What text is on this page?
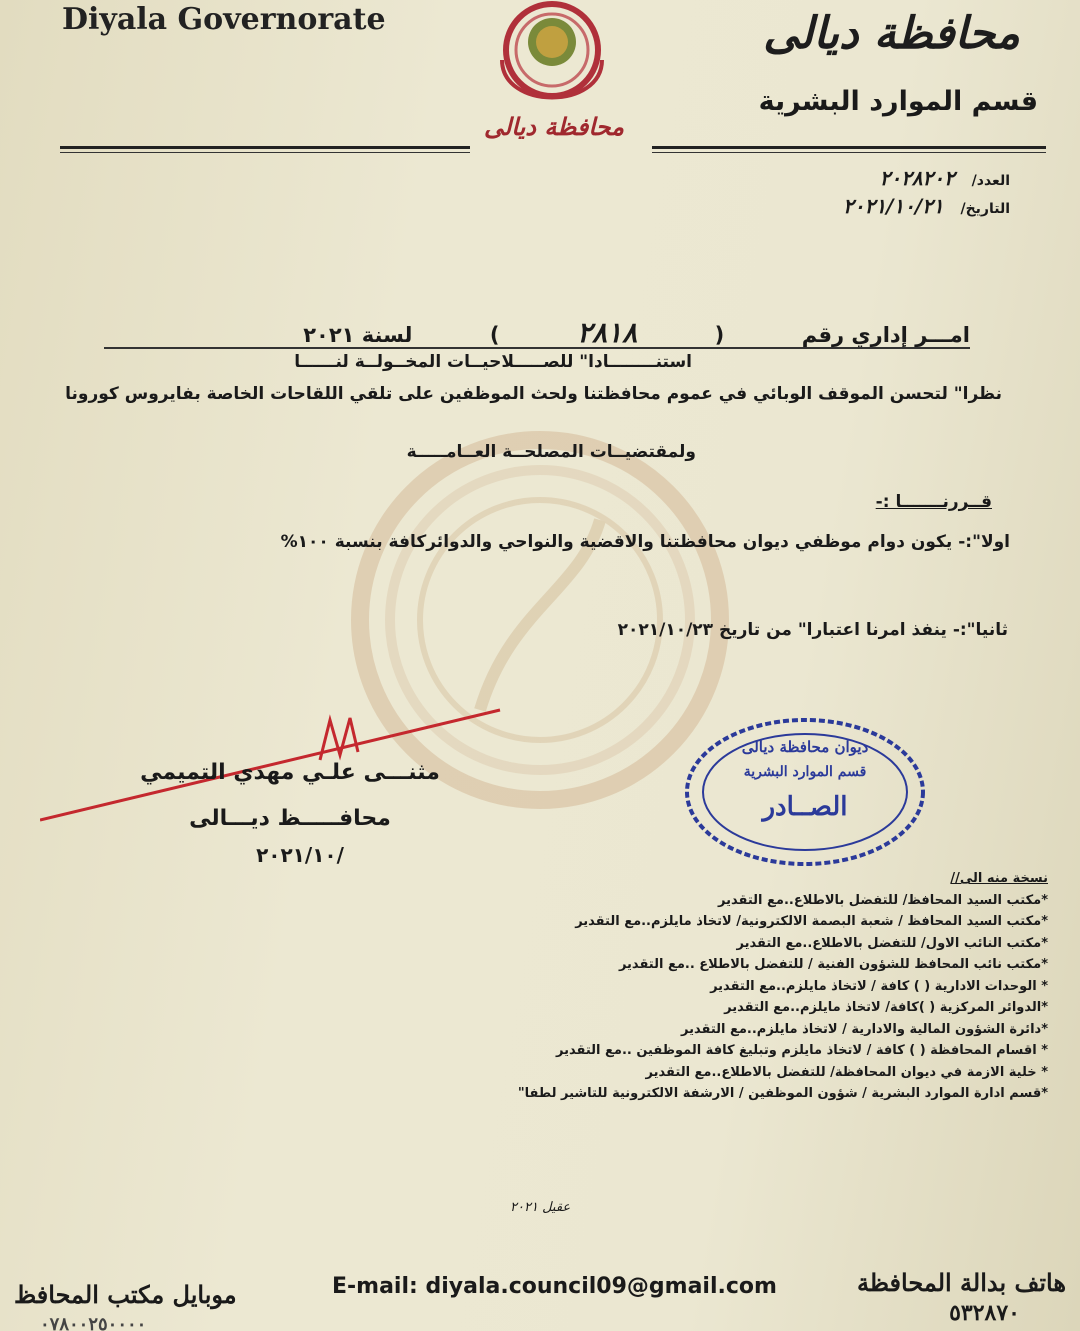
Diyala Governorate	محافظة ديالى
قسم الموارد البشرية
محافظة ديالى
العدد/ ٢٠٢٨٢٠٢
التاريخ/ ٢٠٢١/١٠/٢١
امـــر إداري رقم ( ٢٨١٨ ) لسنة ٢٠٢١
استنــــــــادا" للصـــــلاحيــات المخــولــة لنــــــا
نظرا" لتحسن الموقف الوبائي في عموم محافظتنا ولحث الموظفين على تلقي اللقاحات الخاصة بفايروس كورونا
ولمقتضيــات المصلحــة العــامـــــة
قــررنـــــــا :-
اولا":- يكون دوام موظفي ديوان محافظتنا والاقضية والنواحي والدوائركافة بنسبة ١٠٠%
ثانيا":- ينفذ امرنا اعتبارا" من تاريخ ٢٠٢١/١٠/٢٣
مثنـــى علـي مهدي التميمي
محافـــــظ ديـــالى
٢٠٢١/١٠/
ديوان محافظة ديالى
قسم الموارد البشرية
الصــادر
نسخة منه الى//
*مكتب السيد المحافظ/ للتفضل بالاطلاع..مع التقدير
*مكتب السيد المحافظ / شعبة البصمة الالكترونية/ لاتخاذ مايلزم..مع التقدير
*مكتب النائب الاول/ للتفضل بالاطلاع..مع التقدير
*مكتب نائب المحافظ للشؤون الفنية / للتفضل بالاطلاع ..مع التقدير
* الوحدات الادارية ( ) كافة / لاتخاذ مايلزم..مع التقدير
*الدوائر المركزية ( )كافة/ لاتخاذ مايلزم..مع التقدير
*دائرة الشؤون المالية والادارية / لاتخاذ مايلزم..مع التقدير
* اقسام المحافظة ( ) كافة / لاتخاذ مايلزم وتبليغ كافة الموظفين ..مع التقدير
* خلية الازمة في ديوان المحافظة/ للتفضل بالاطلاع..مع التقدير
*قسم ادارة الموارد البشرية / شؤون الموظفين / الارشفة الالكترونية للتاشير لطفا"
عقيل ٢٠٢١
هاتف بدالة المحافظة
٥٣٢٨٧٠
E-mail: diyala.council09@gmail.com
موبايل مكتب المحافظ
٠٧٨٠٠٢٥٠٠٠٠
